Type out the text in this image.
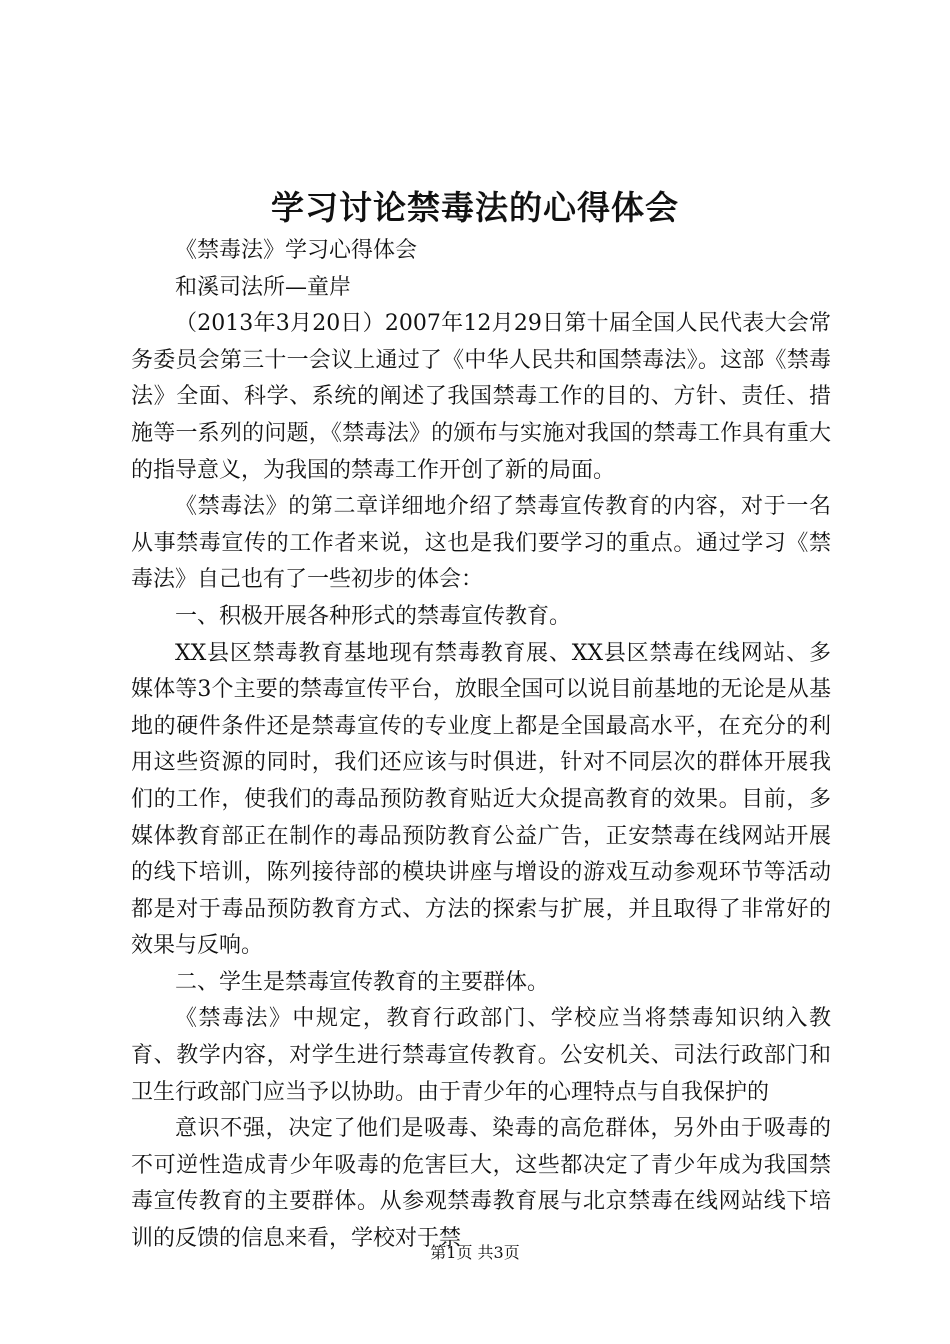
学习讨论禁毒法的心得体会

《禁毒法》学习心得体会

和溪司法所—童岸

（2013年3月20日）2007年12月29日第十届全国人民代表大会常务委员会第三十一会议上通过了《中华人民共和国禁毒法》。这部《禁毒法》全面、科学、系统的阐述了我国禁毒工作的目的、方针、责任、措施等一系列的问题，《禁毒法》的颁布与实施对我国的禁毒工作具有重大的指导意义，为我国的禁毒工作开创了新的局面。

《禁毒法》的第二章详细地介绍了禁毒宣传教育的内容，对于一名从事禁毒宣传的工作者来说，这也是我们要学习的重点。通过学习《禁毒法》自己也有了一些初步的体会：

一、积极开展各种形式的禁毒宣传教育。

XX县区禁毒教育基地现有禁毒教育展、XX县区禁毒在线网站、多媒体等3个主要的禁毒宣传平台，放眼全国可以说目前基地的无论是从基地的硬件条件还是禁毒宣传的专业度上都是全国最高水平，在充分的利用这些资源的同时，我们还应该与时俱进，针对不同层次的群体开展我们的工作，使我们的毒品预防教育贴近大众提高教育的效果。目前，多媒体教育部正在制作的毒品预防教育公益广告，正安禁毒在线网站开展的线下培训，陈列接待部的模块讲座与增设的游戏互动参观环节等活动都是对于毒品预防教育方式、方法的探索与扩展，并且取得了非常好的效果与反响。

二、学生是禁毒宣传教育的主要群体。

《禁毒法》中规定，教育行政部门、学校应当将禁毒知识纳入教育、教学内容，对学生进行禁毒宣传教育。公安机关、司法行政部门和卫生行政部门应当予以协助。由于青少年的心理特点与自我保护的

意识不强，决定了他们是吸毒、染毒的高危群体，另外由于吸毒的不可逆性造成青少年吸毒的危害巨大，这些都决定了青少年成为我国禁毒宣传教育的主要群体。从参观禁毒教育展与北京禁毒在线网站线下培训的反馈的信息来看，学校对于禁

第1页 共3页
